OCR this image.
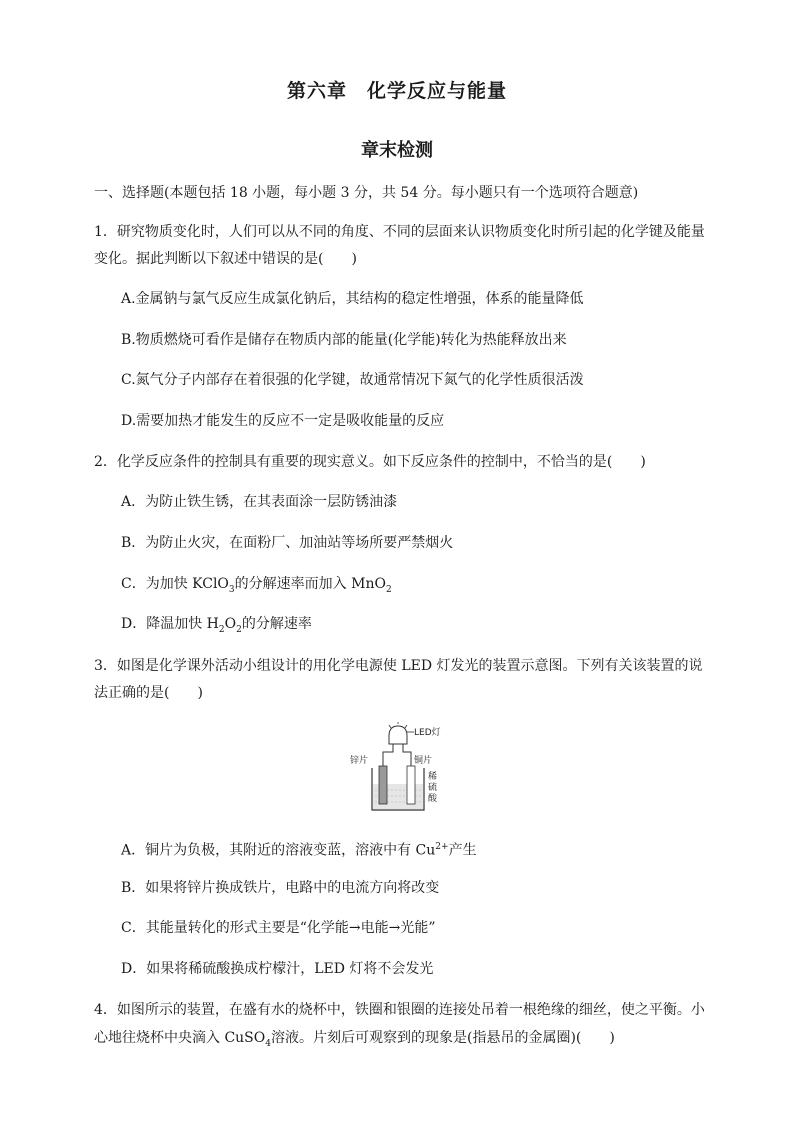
第六章　化学反应与能量
章末检测
一、选择题(本题包括 18 小题，每小题 3 分，共 54 分。每小题只有一个选项符合题意)
1．研究物质变化时，人们可以从不同的角度、不同的层面来认识物质变化时所引起的化学键及能量
变化。据此判断以下叙述中错误的是(　　)
A.金属钠与氯气反应生成氯化钠后，其结构的稳定性增强，体系的能量降低
B.物质燃烧可看作是储存在物质内部的能量(化学能)转化为热能释放出来
C.氮气分子内部存在着很强的化学键，故通常情况下氮气的化学性质很活泼
D.需要加热才能发生的反应不一定是吸收能量的反应
2．化学反应条件的控制具有重要的现实意义。如下反应条件的控制中，不恰当的是(　　)
A．为防止铁生锈，在其表面涂一层防锈油漆
B．为防止火灾，在面粉厂、加油站等场所要严禁烟火
C．为加快 KClO$_3$的分解速率而加入 MnO$_2$
D．降温加快 $H_2O_2$的分解速率
3．如图是化学课外活动小组设计的用化学电源使 LED 灯发光的装置示意图。下列有关该装置的说
法正确的是(　　)
LED灯
锌片	铜片
稀
硫
酸
A．铜片为负极，其附近的溶液变蓝，溶液中有 $Cu^{2+}$产生
B．如果将锌片换成铁片，电路中的电流方向将改变
C．其能量转化的形式主要是“化学能→电能→光能”
D．如果将稀硫酸换成柠檬汁，LED 灯将不会发光
4．如图所示的装置，在盛有水的烧杯中，铁圈和银圈的连接处吊着一根绝缘的细丝，使之平衡。小
心地往烧杯中央滴入 CuSO$_4$溶液。片刻后可观察到的现象是(指悬吊的金属圈)(　　)
